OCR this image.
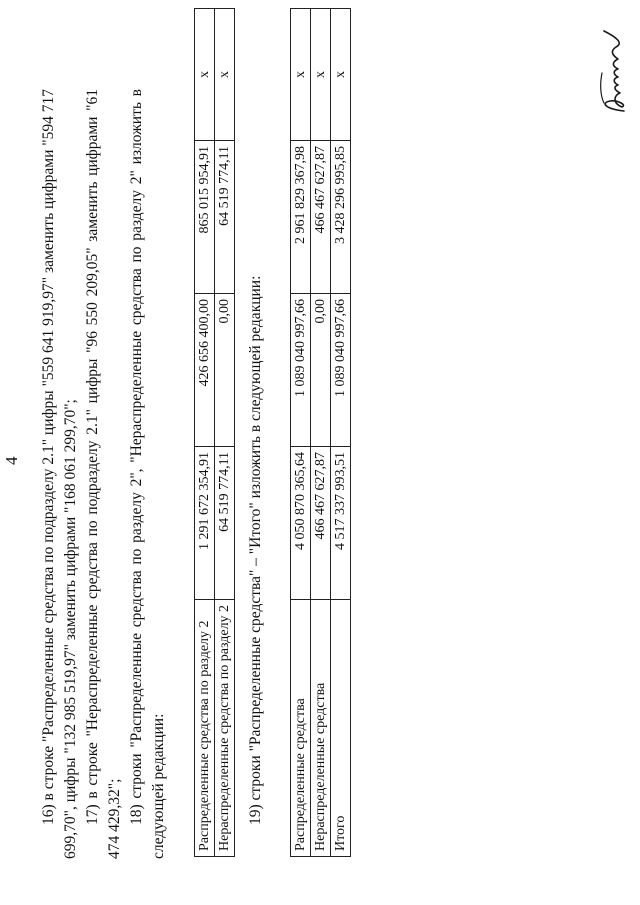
4 16) в строке "Распределенные средства по подразделу 2.1" цифры "559 641 919,97" заменить цифрами "594 717 699,70", цифры "132 985 519,97" заменить цифрами "168 061 299,70"; 17) в строке "Нераспределенные средства по подразделу 2.1" цифры "96 550 209,05" заменить цифрами "61 474 429,32"; 18) строки "Распределенные средства по разделу 2", "Нераспределенные средства по разделу 2" изложить в следующей редакции: Распределенные средства по разделу 2	1 291 672 354,91	426 656 400,00	865 015 954,91	x
Нераспределенные средства по разделу 2	64 519 774,11	0,00	64 519 774,11	x
19) строки "Распределенные средства" – "Итого" изложить в следующей редакции: Распределенные средства	4 050 870 365,64	1 089 040 997,66	2 961 829 367,98	x
Нераспределенные средства	466 467 627,87	0,00	466 467 627,87	x
Итого	4 517 337 993,51	1 089 040 997,66	3 428 296 995,85	x
